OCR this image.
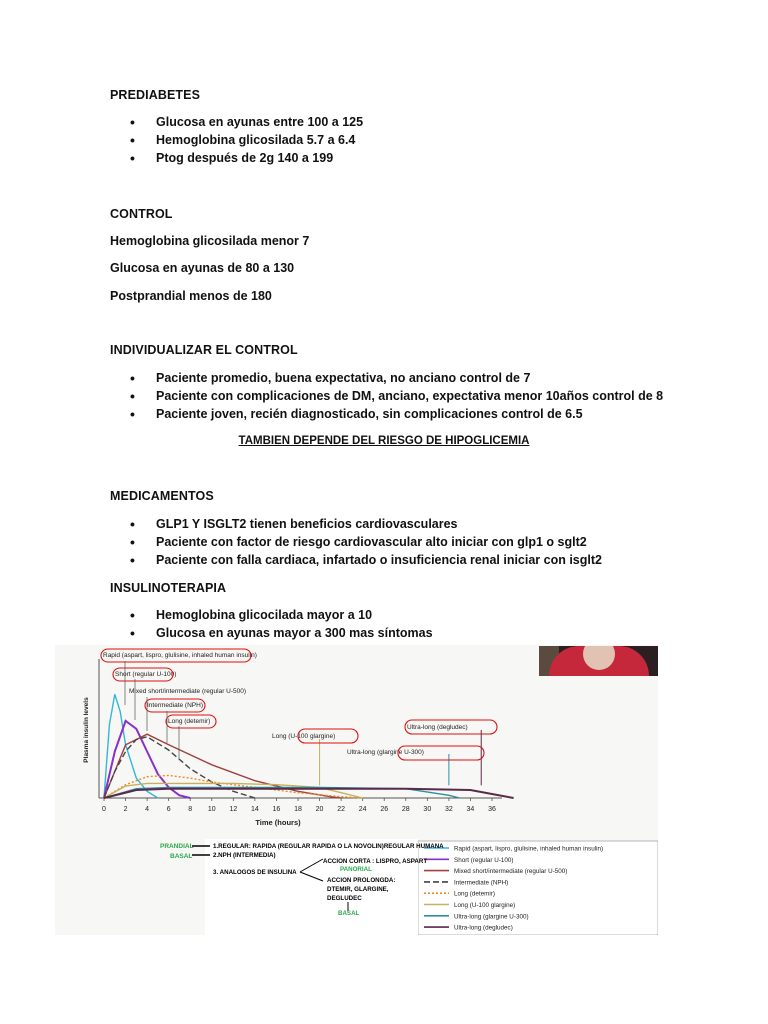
PREDIABETES
• Glucosa en ayunas entre 100 a 125
• Hemoglobina glicosilada 5.7 a 6.4
• Ptog después de 2g 140 a 199
CONTROL
Hemoglobina glicosilada menor 7
Glucosa en ayunas de 80 a 130
Postprandial menos de 180
INDIVIDUALIZAR EL CONTROL
• Paciente promedio, buena expectativa, no anciano control de 7
• Paciente con complicaciones de DM, anciano, expectativa menor 10años control de 8
• Paciente joven, recién diagnosticado, sin complicaciones control de 6.5
TAMBIEN DEPENDE DEL RIESGO DE HIPOGLICEMIA
MEDICAMENTOS
• GLP1 Y ISGLT2 tienen beneficios cardiovasculares
• Paciente con factor de riesgo cardiovascular alto iniciar con glp1 o sglt2
• Paciente con falla cardiaca, infartado o insuficiencia renal iniciar con isglt2
INSULINOTERAPIA
• Hemoglobina glicocilada mayor a 10
• Glucosa en ayunas mayor a 300 mas síntomas
0	2	4	6	8 10 12 14 16 18 20 22 24 26 28 30 32 34 36
Time (hours)
Plasma insulin levels
Rapid (aspart, lispro, glulisine, inhaled human insulin)
Short (regular U-100)
Mixed short/intermediate (regular U-500)
Intermediate (NPH)
Long (detemir)
Long (U-100 glargine)
Ultra-long (glargine U-300)
Ultra-long (degludec)
Rapid (aspart, lispro, glulisine, inhaled human insulin)
Short (regular U-100)
Mixed short/intermediate (regular U-500)
Intermediate (NPH)
Long (detemir)
Long (U-100 glargine)
Ultra-long (glargine U-300)
Ultra-long (degludec)
PRANDIAL
BASAL
1.REGULAR: RAPIDA (REGULAR RAPIDA O LA NOVOLIN)REGULAR HUMANA
2.NPH (INTERMEDIA)
3. ANALOGOS DE INSULINA
ACCION CORTA : LISPRO, ASPART
PANORIAL
ACCION PROLONGDA:
DTEMIR, GLARGINE,
DEGLUDEC
BASAL
